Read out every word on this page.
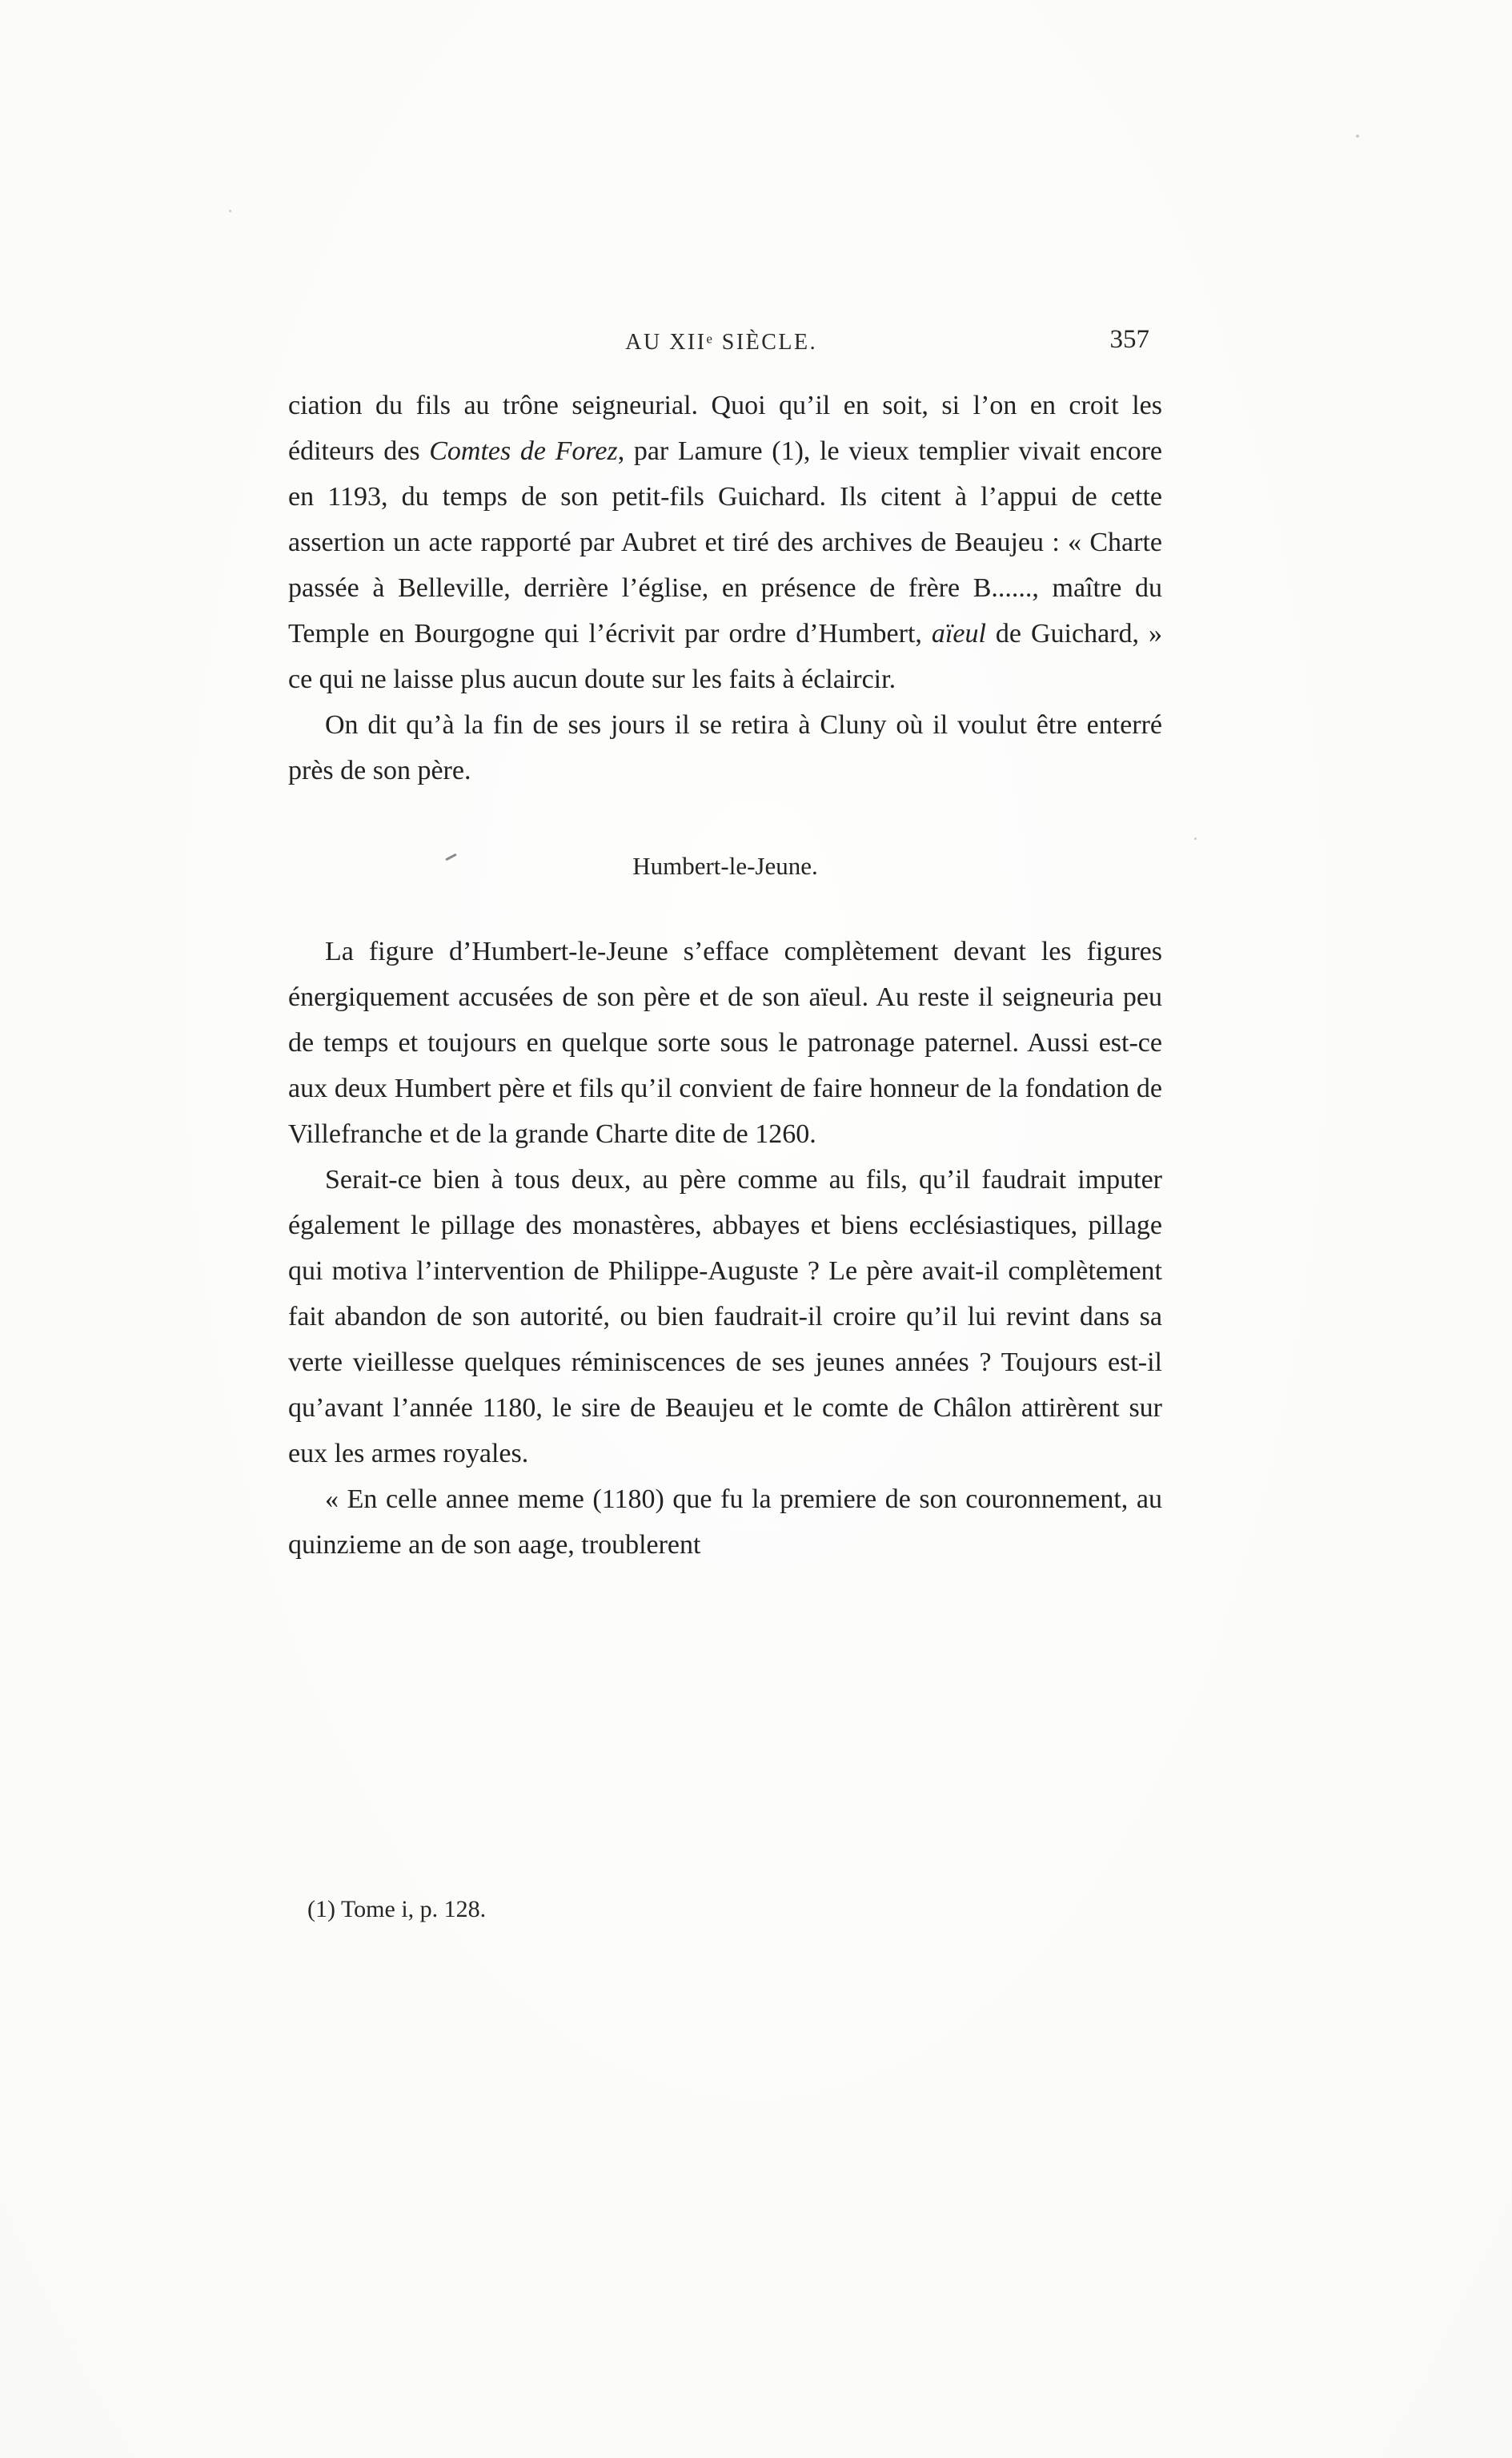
AU XIIᵉ SIÈCLE.	357

ciation du fils au trône seigneurial. Quoi qu’il en soit, si l’on en croit les éditeurs des Comtes de Forez, par Lamure (1), le vieux templier vivait encore en 1193, du temps de son petit-fils Guichard. Ils citent à l’appui de cette assertion un acte rapporté par Aubret et tiré des archives de Beaujeu : « Charte passée à Belleville, derrière l’église, en présence de frère B......, maître du Temple en Bourgogne qui l’écrivit par ordre d’Humbert, aïeul de Guichard, » ce qui ne laisse plus aucun doute sur les faits à éclaircir.

On dit qu’à la fin de ses jours il se retira à Cluny où il voulut être enterré près de son père.

Humbert-le-Jeune.

La figure d’Humbert-le-Jeune s’efface complètement devant les figures énergiquement accusées de son père et de son aïeul. Au reste il seigneuria peu de temps et toujours en quelque sorte sous le patronage paternel. Aussi est-ce aux deux Humbert père et fils qu’il convient de faire honneur de la fondation de Villefranche et de la grande Charte dite de 1260.

Serait-ce bien à tous deux, au père comme au fils, qu’il faudrait imputer également le pillage des monastères, abbayes et biens ecclésiastiques, pillage qui motiva l’intervention de Philippe-Auguste ? Le père avait-il complètement fait abandon de son autorité, ou bien faudrait-il croire qu’il lui revint dans sa verte vieillesse quelques réminiscences de ses jeunes années ? Toujours est-il qu’avant l’année 1180, le sire de Beaujeu et le comte de Châlon attirèrent sur eux les armes royales.

« En celle annee meme (1180) que fu la premiere de son couronnement, au quinzieme an de son aage, troublerent

(1) Tome i, p. 128.
